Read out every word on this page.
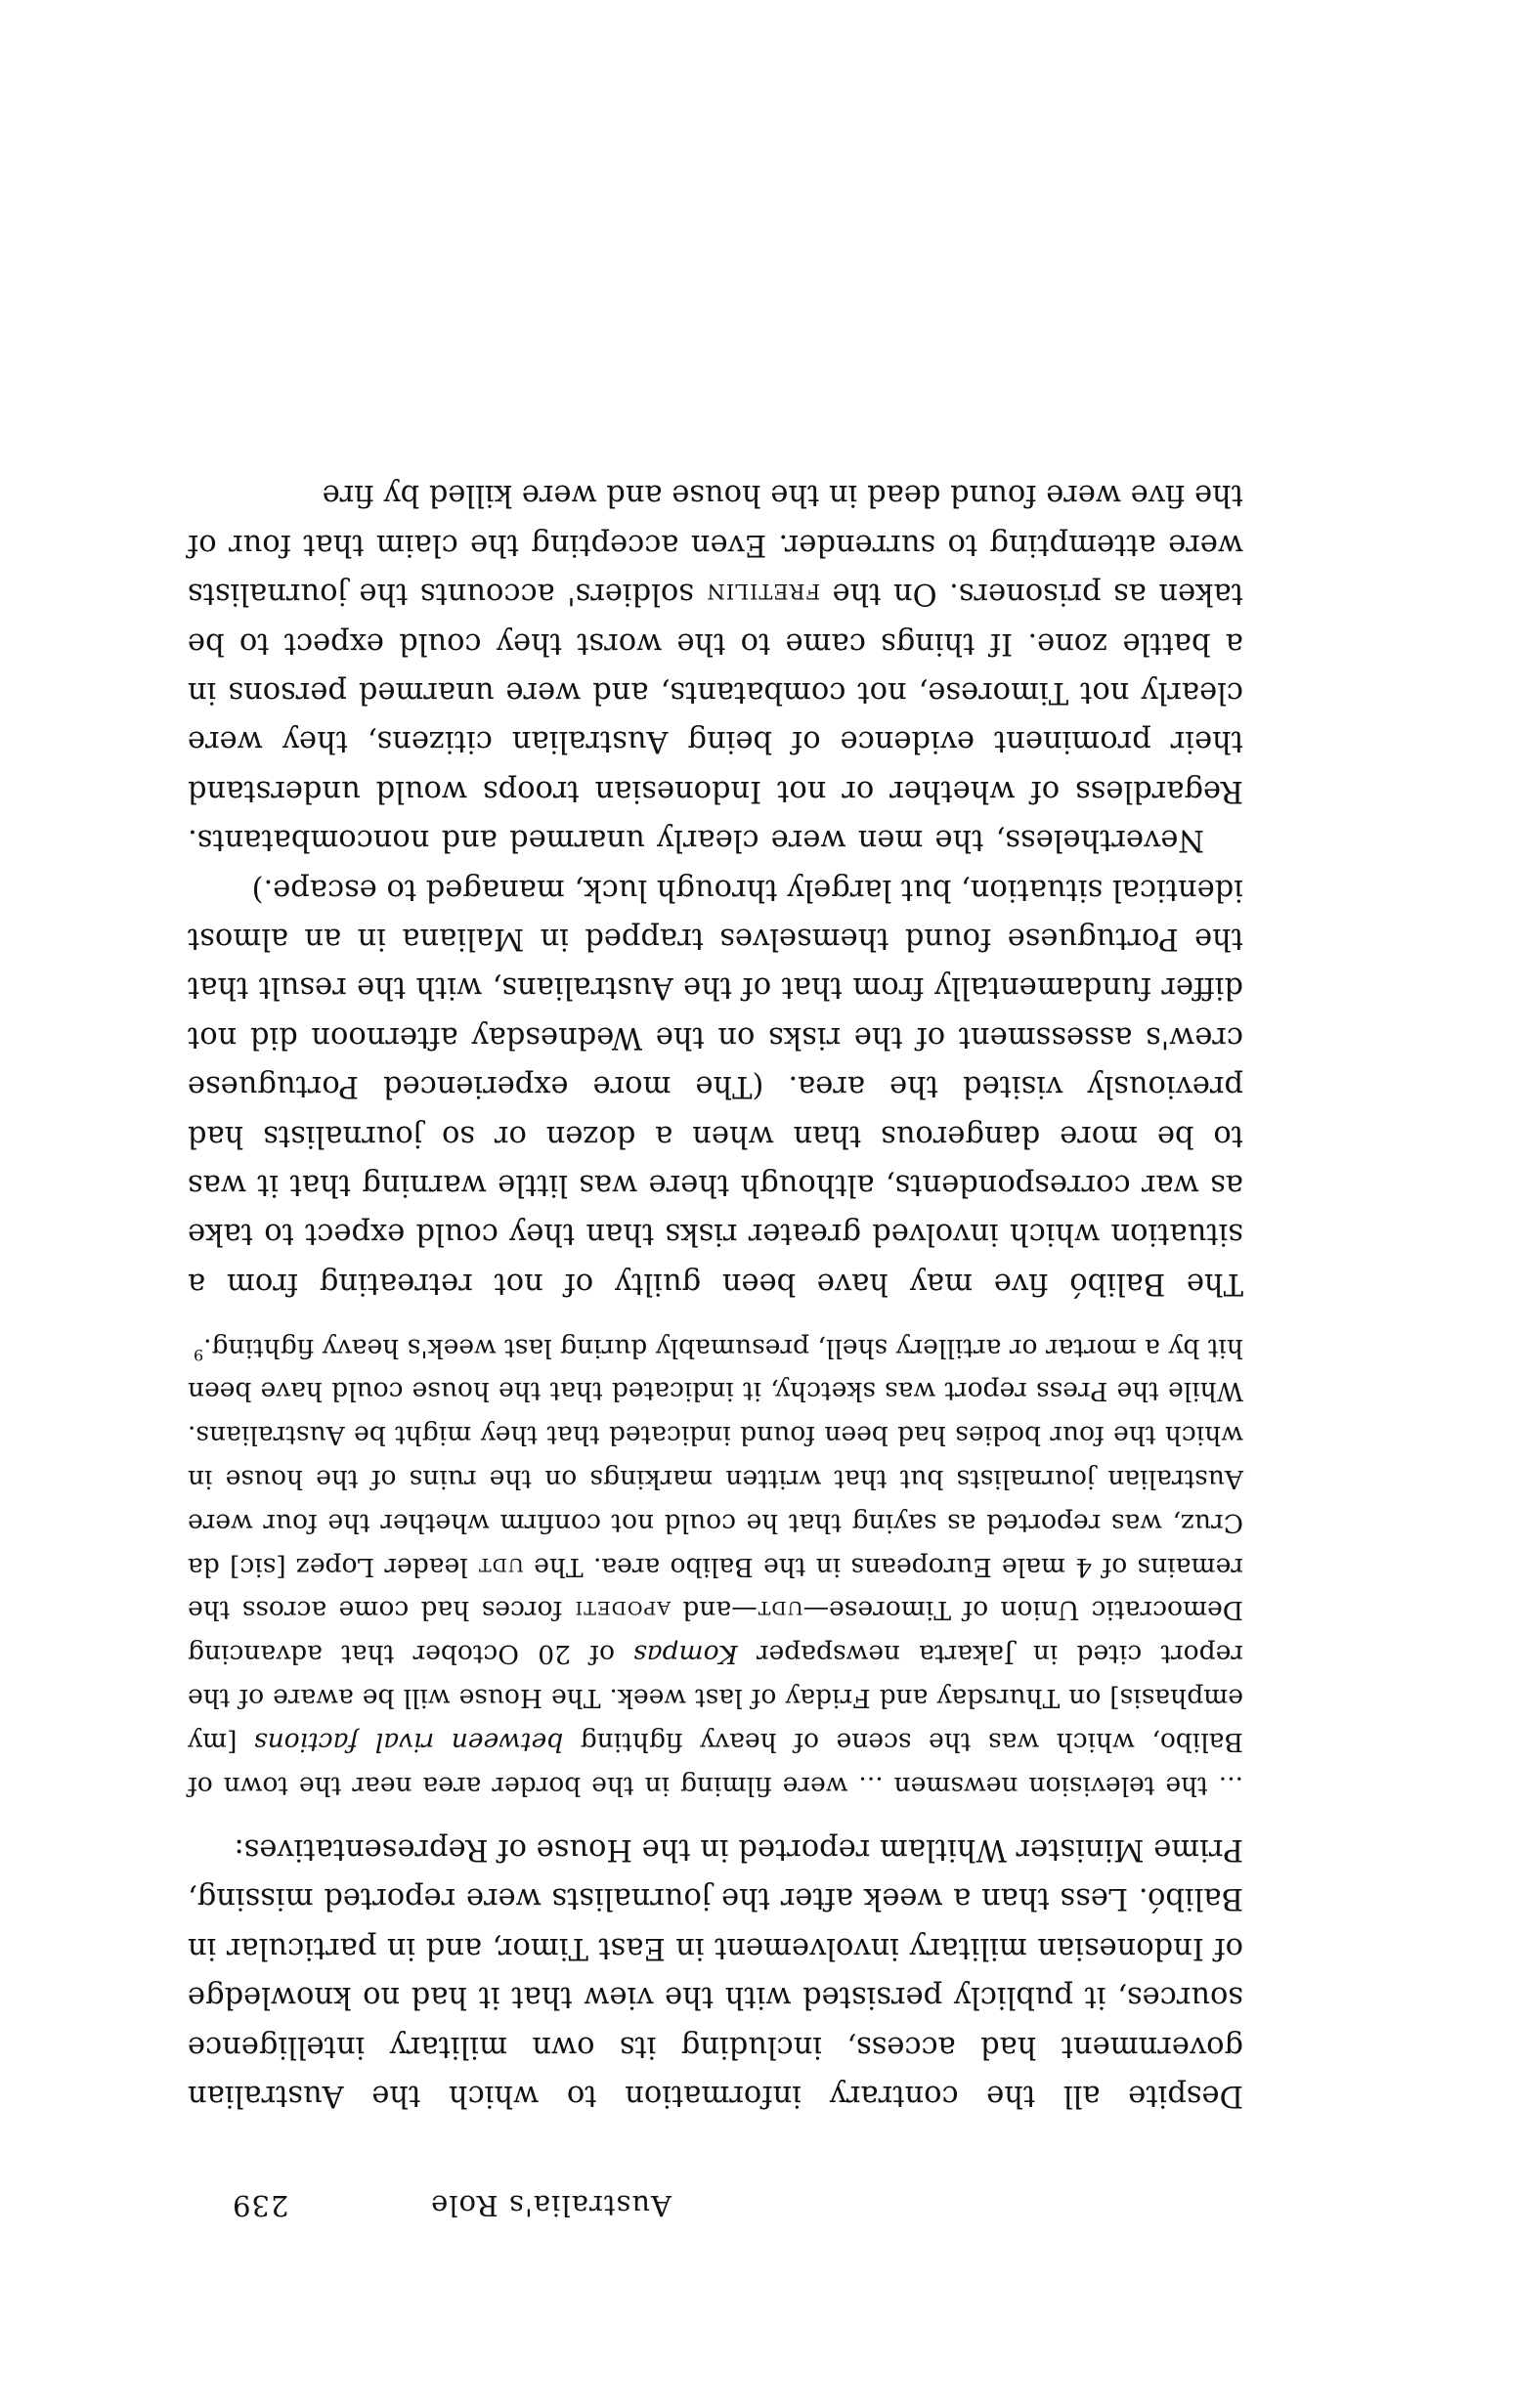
Australia's Role
239

Despite all the contrary information to which the Australian government had access, including its own military intelligence sources, it publicly persisted with the view that it had no knowledge of Indonesian military involvement in East Timor, and in particular in Balibó. Less than a week after the journalists were reported missing, Prime Minister Whitlam reported in the House of Representatives:

... the television newsmen ... were filming in the border area near the town of Balibo, which was the scene of heavy fighting between rival factions [my emphasis] on Thursday and Friday of last week. The House will be aware of the report cited in Jakarta newspaper Kompas of 20 October that advancing Democratic Union of Timorese—udt—and apodeti forces had come across the remains of 4 male Europeans in the Balibo area. The udt leader Lopez [sic] da Cruz, was reported as saying that he could not confirm whether the four were Australian journalists but that written markings on the ruins of the house in which the four bodies had been found indicated that they might be Australians. While the Press report was sketchy, it indicated that the house could have been hit by a mortar or artillery shell, presumably during last week's heavy fighting.$^9$

The Balibó five may have been guilty of not retreating from a situation which involved greater risks than they could expect to take as war correspondents, although there was little warning that it was to be more dangerous than when a dozen or so journalists had previously visited the area. (The more experienced Portuguese crew's assessment of the risks on the Wednesday afternoon did not differ fundamentally from that of the Australians, with the result that the Portuguese found themselves trapped in Maliana in an almost identical situation, but largely through luck, managed to escape.)

Nevertheless, the men were clearly unarmed and noncombatants. Regardless of whether or not Indonesian troops would understand their prominent evidence of being Australian citizens, they were clearly not Timorese, not combatants, and were unarmed persons in a battle zone. If things came to the worst they could expect to be taken as prisoners. On the fretilin soldiers' accounts the journalists were attempting to surrender. Even accepting the claim that four of the five were found dead in the house and were killed by fire
